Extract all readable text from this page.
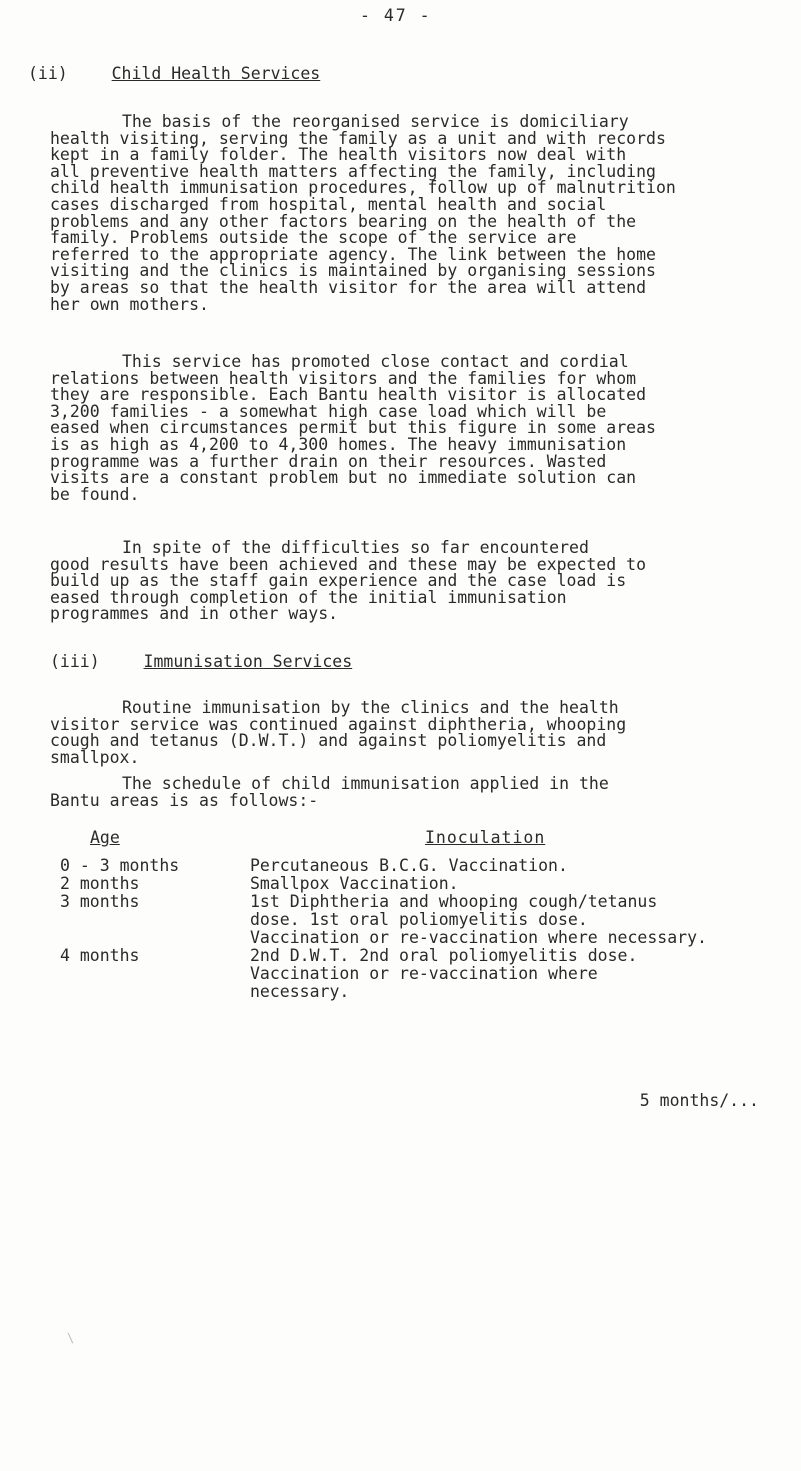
- 47 -
(ii)	Child Health Services
The basis of the reorganised service is domiciliary
health visiting, serving the family as a unit and with records
kept in a family folder. The health visitors now deal with
all preventive health matters affecting the family, including
child health immunisation procedures, follow up of malnutrition
cases discharged from hospital, mental health and social
problems and any other factors bearing on the health of the
family. Problems outside the scope of the service are
referred to the appropriate agency. The link between the home
visiting and the clinics is maintained by organising sessions
by areas so that the health visitor for the area will attend
her own mothers.
This service has promoted close contact and cordial
relations between health visitors and the families for whom
they are responsible. Each Bantu health visitor is allocated
3,200 families - a somewhat high case load which will be
eased when circumstances permit but this figure in some areas
is as high as 4,200 to 4,300 homes. The heavy immunisation
programme was a further drain on their resources. Wasted
visits are a constant problem but no immediate solution can
be found.
In spite of the difficulties so far encountered
good results have been achieved and these may be expected to
build up as the staff gain experience and the case load is
eased through completion of the initial immunisation
programmes and in other ways.
(iii)	Immunisation Services
Routine immunisation by the clinics and the health
visitor service was continued against diphtheria, whooping
cough and tetanus (D.W.T.) and against poliomyelitis and
smallpox.
The schedule of child immunisation applied in the
Bantu areas is as follows:-
Age	Inoculation
0 - 3 months	Percutaneous B.C.G. Vaccination.
2 months	Smallpox Vaccination.
3 months	1st Diphtheria and whooping cough/tetanus
dose. 1st oral poliomyelitis dose.
Vaccination or re-vaccination where necessary.
4 months	2nd D.W.T. 2nd oral poliomyelitis dose.
Vaccination or re-vaccination where
necessary.
5 months/...
\
